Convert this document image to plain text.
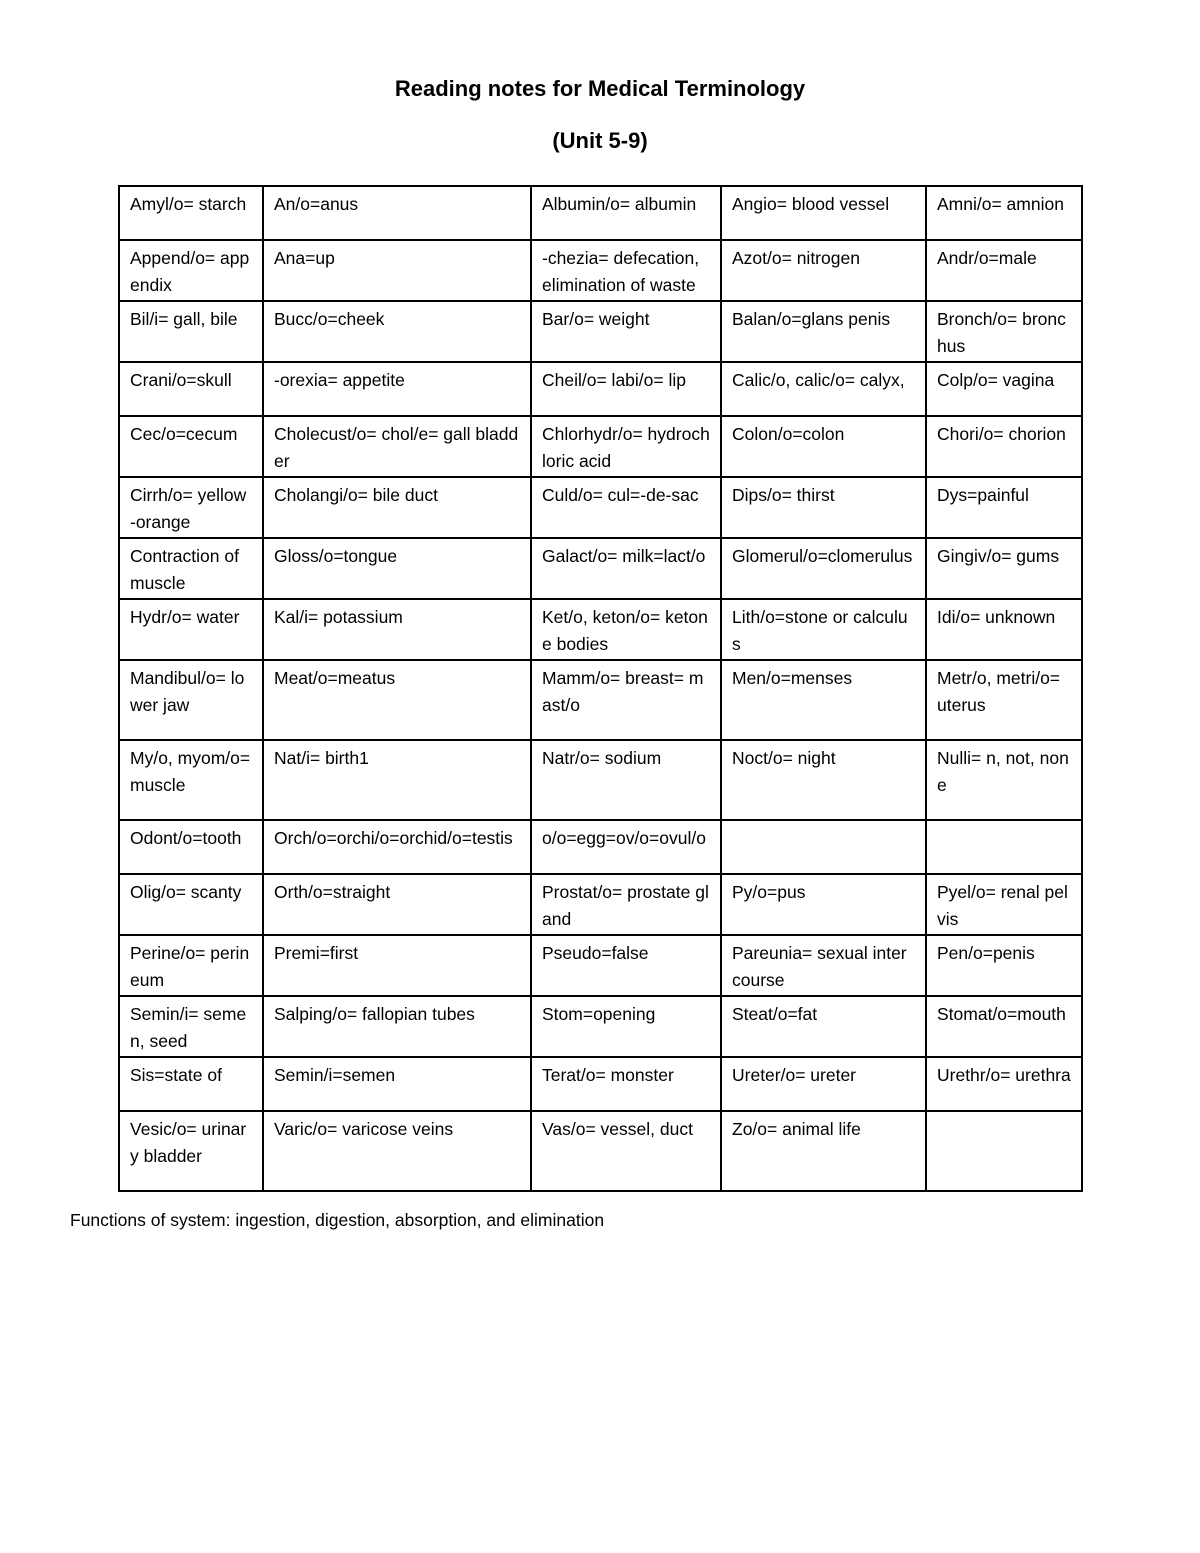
Reading notes for Medical Terminology
(Unit 5-9)
Amyl/o= starch	An/o=anus	Albumin/o= albumin	Angio= blood vessel	Amni/o= amnion
Append/o= appendix	Ana=up	-chezia= defecation, elimination of waste	Azot/o= nitrogen	Andr/o=male
Bil/i= gall, bile	Bucc/o=cheek	Bar/o= weight	Balan/o=glans penis	Bronch/o= bronchus
Crani/o=skull	-orexia= appetite	Cheil/o= labi/o= lip	Calic/o, calic/o= calyx,	Colp/o= vagina
Cec/o=cecum	Cholecust/o= chol/e= gall bladder	Chlorhydr/o= hydrochloric acid	Colon/o=colon	Chori/o= chorion
Cirrh/o= yellow-orange	Cholangi/o= bile duct	Culd/o= cul=-de-sac	Dips/o= thirst	Dys=painful
Contraction of muscle	Gloss/o=tongue	Galact/o= milk=lact/o	Glomerul/o=clomerulus	Gingiv/o= gums
Hydr/o= water	Kal/i= potassium	Ket/o, keton/o= ketone bodies	Lith/o=stone or calculus	Idi/o= unknown
Mandibul/o= lower jaw	Meat/o=meatus	Mamm/o= breast= mast/o	Men/o=menses	Metr/o, metri/o= uterus
My/o, myom/o= muscle	Nat/i= birth1	Natr/o= sodium	Noct/o= night	Nulli= n, not, none
Odont/o=tooth	Orch/o=orchi/o=orchid/o=testis	o/o=egg=ov/o=ovul/o		
Olig/o= scanty	Orth/o=straight	Prostat/o= prostate gland	Py/o=pus	Pyel/o= renal pelvis
Perine/o= perineum	Premi=first	Pseudo=false	Pareunia= sexual intercourse	Pen/o=penis
Semin/i= semen, seed	Salping/o= fallopian tubes	Stom=opening	Steat/o=fat	Stomat/o=mouth
Sis=state of	Semin/i=semen	Terat/o= monster	Ureter/o= ureter	Urethr/o= urethra
Vesic/o= urinary bladder	Varic/o= varicose veins	Vas/o= vessel, duct	Zo/o= animal life	
Functions of system: ingestion, digestion, absorption, and elimination
